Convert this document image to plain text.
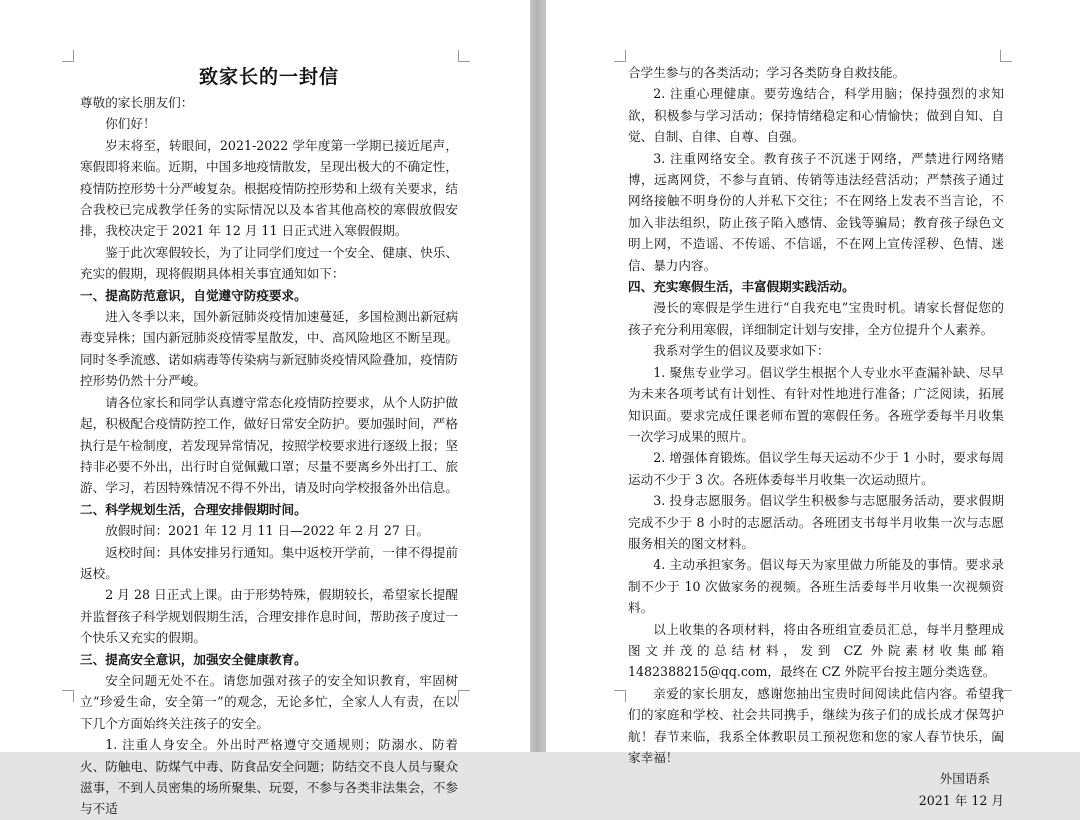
致家长的一封信

尊敬的家长朋友们：

你们好！

岁末将至，转眼间，2021-2022 学年度第一学期已接近尾声，寒假即将来临。近期，中国多地疫情散发，呈现出极大的不确定性，疫情防控形势十分严峻复杂。根据疫情防控形势和上级有关要求，结合我校已完成教学任务的实际情况以及本省其他高校的寒假放假安排，我校决定于 2021 年 12 月 11 日正式进入寒假假期。

鉴于此次寒假较长，为了让同学们度过一个安全、健康、快乐、充实的假期，现将假期具体相关事宜通知如下：

一、提高防范意识，自觉遵守防疫要求。

进入冬季以来，国外新冠肺炎疫情加速蔓延，多国检测出新冠病毒变异株；国内新冠肺炎疫情零星散发，中、高风险地区不断呈现。同时冬季流感、诺如病毒等传染病与新冠肺炎疫情风险叠加，疫情防控形势仍然十分严峻。

请各位家长和同学认真遵守常态化疫情防控要求，从个人防护做起，积极配合疫情防控工作，做好日常安全防护。要加强时间，严格执行是午检制度，若发现异常情况，按照学校要求进行逐级上报；坚持非必要不外出，出行时自觉佩戴口罩；尽量不要离乡外出打工、旅游、学习，若因特殊情况不得不外出，请及时向学校报备外出信息。

二、科学规划生活，合理安排假期时间。

放假时间：2021 年 12 月 11 日—2022 年 2 月 27 日。

返校时间：具体安排另行通知。集中返校开学前，一律不得提前返校。

2 月 28 日正式上课。由于形势特殊，假期较长，希望家长提醒并监督孩子科学规划假期生活，合理安排作息时间，帮助孩子度过一个快乐又充实的假期。

三、提高安全意识，加强安全健康教育。

安全问题无处不在。请您加强对孩子的安全知识教育，牢固树立“珍爱生命，安全第一”的观念，无论多忙，全家人人有责，在以下几个方面始终关注孩子的安全。

1. 注重人身安全。外出时严格遵守交通规则；防溺水、防着火、防触电、防煤气中毒、防食品安全问题；防结交不良人员与聚众滋事，不到人员密集的场所聚集、玩耍，不参与各类非法集会，不参与不适

合学生参与的各类活动；学习各类防身自救技能。

2. 注重心理健康。要劳逸结合，科学用脑；保持强烈的求知欲，积极参与学习活动；保持情绪稳定和心情愉快；做到自知、自觉、自制、自律、自尊、自强。

3. 注重网络安全。教育孩子不沉迷于网络，严禁进行网络赌博，远离网贷，不参与直销、传销等违法经营活动；严禁孩子通过网络接触不明身份的人并私下交往；不在网络上发表不当言论，不加入非法组织，防止孩子陷入感情、金钱等骗局；教育孩子绿色文明上网，不造谣、不传谣、不信谣，不在网上宣传淫秽、色情、迷信、暴力内容。

四、充实寒假生活，丰富假期实践活动。

漫长的寒假是学生进行“自我充电”宝贵时机。请家长督促您的孩子充分利用寒假，详细制定计划与安排，全方位提升个人素养。

我系对学生的倡议及要求如下：

1. 聚焦专业学习。倡议学生根据个人专业水平查漏补缺、尽早为未来各项考试有计划性、有针对性地进行准备；广泛阅读，拓展知识面。要求完成任课老师布置的寒假任务。各班学委每半月收集一次学习成果的照片。

2. 增强体育锻炼。倡议学生每天运动不少于 1 小时，要求每周运动不少于 3 次。各班体委每半月收集一次运动照片。

3. 投身志愿服务。倡议学生积极参与志愿服务活动，要求假期完成不少于 8 小时的志愿活动。各班团支书每半月收集一次与志愿服务相关的图文材料。

4. 主动承担家务。倡议每天为家里做力所能及的事情。要求录制不少于 10 次做家务的视频。各班生活委每半月收集一次视频资料。

以上收集的各项材料，将由各班组宣委员汇总，每半月整理成图文并茂的总结材料，发到 CZ 外院素材收集邮箱 1482388215@qq.com，最终在 CZ 外院平台按主题分类选登。

亲爱的家长朋友，感谢您抽出宝贵时间阅读此信内容。希望我们的家庭和学校、社会共同携手，继续为孩子们的成长成才保驾护航！春节来临，我系全体教职员工预祝您和您的家人春节快乐，阖家幸福！

外国语系

2021 年 12 月
